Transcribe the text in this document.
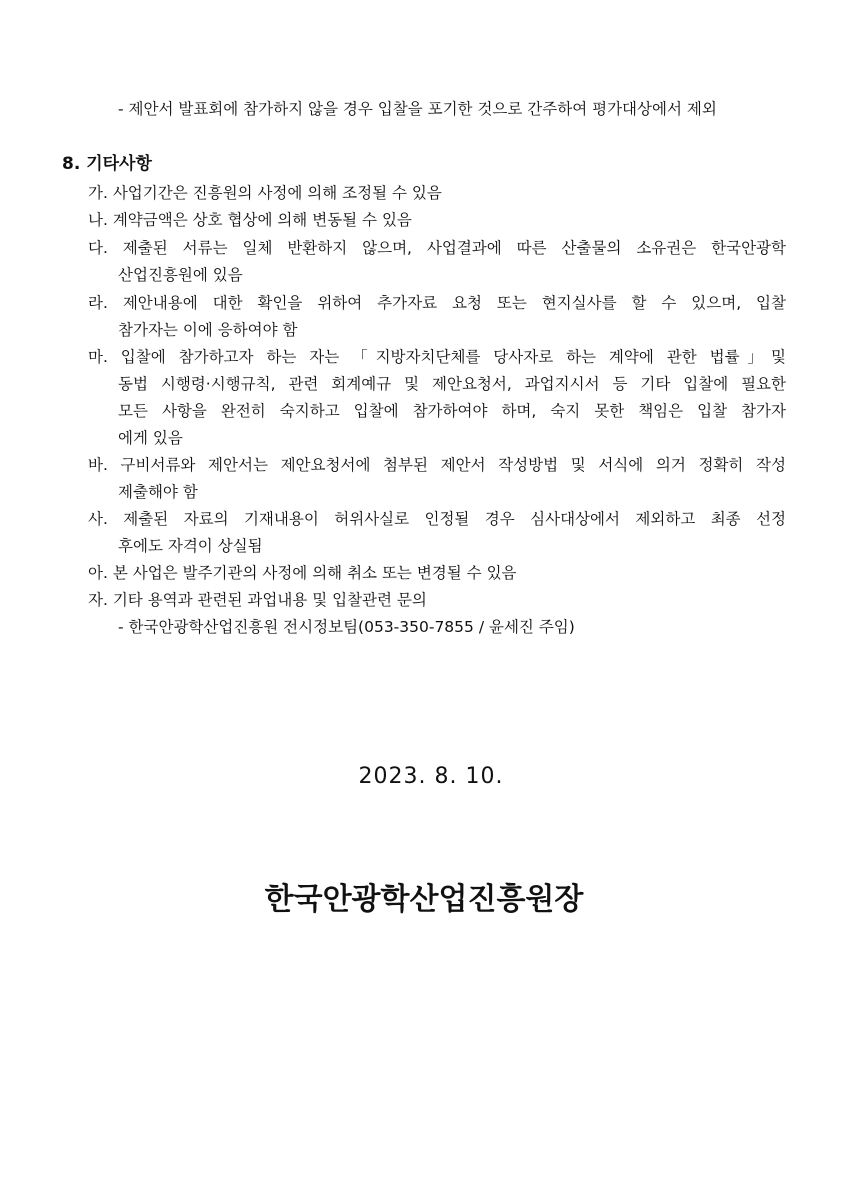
- 제안서 발표회에 참가하지 않을 경우 입찰을 포기한 것으로 간주하여 평가대상에서 제외
8. 기타사항
가. 사업기간은 진흥원의 사정에 의해 조정될 수 있음
나. 계약금액은 상호 협상에 의해 변동될 수 있음
다. 제출된 서류는 일체 반환하지 않으며, 사업결과에 따른 산출물의 소유권은 한국안광학
산업진흥원에 있음
라. 제안내용에 대한 확인을 위하여 추가자료 요청 또는 현지실사를 할 수 있으며, 입찰
참가자는 이에 응하여야 함
마. 입찰에 참가하고자 하는 자는 「지방자치단체를 당사자로 하는 계약에 관한 법률」및
동법 시행령·시행규칙, 관련 회계예규 및 제안요청서, 과업지시서 등 기타 입찰에 필요한
모든 사항을 완전히 숙지하고 입찰에 참가하여야 하며, 숙지 못한 책임은 입찰 참가자
에게 있음
바. 구비서류와 제안서는 제안요청서에 첨부된 제안서 작성방법 및 서식에 의거 정확히 작성
제출해야 함
사. 제출된 자료의 기재내용이 허위사실로 인정될 경우 심사대상에서 제외하고 최종 선정
후에도 자격이 상실됨
아. 본 사업은 발주기관의 사정에 의해 취소 또는 변경될 수 있음
자. 기타 용역과 관련된 과업내용 및 입찰관련 문의
- 한국안광학산업진흥원 전시정보팀(053-350-7855 / 윤세진 주임)
2023. 8. 10.
한국안광학산업진흥원장
